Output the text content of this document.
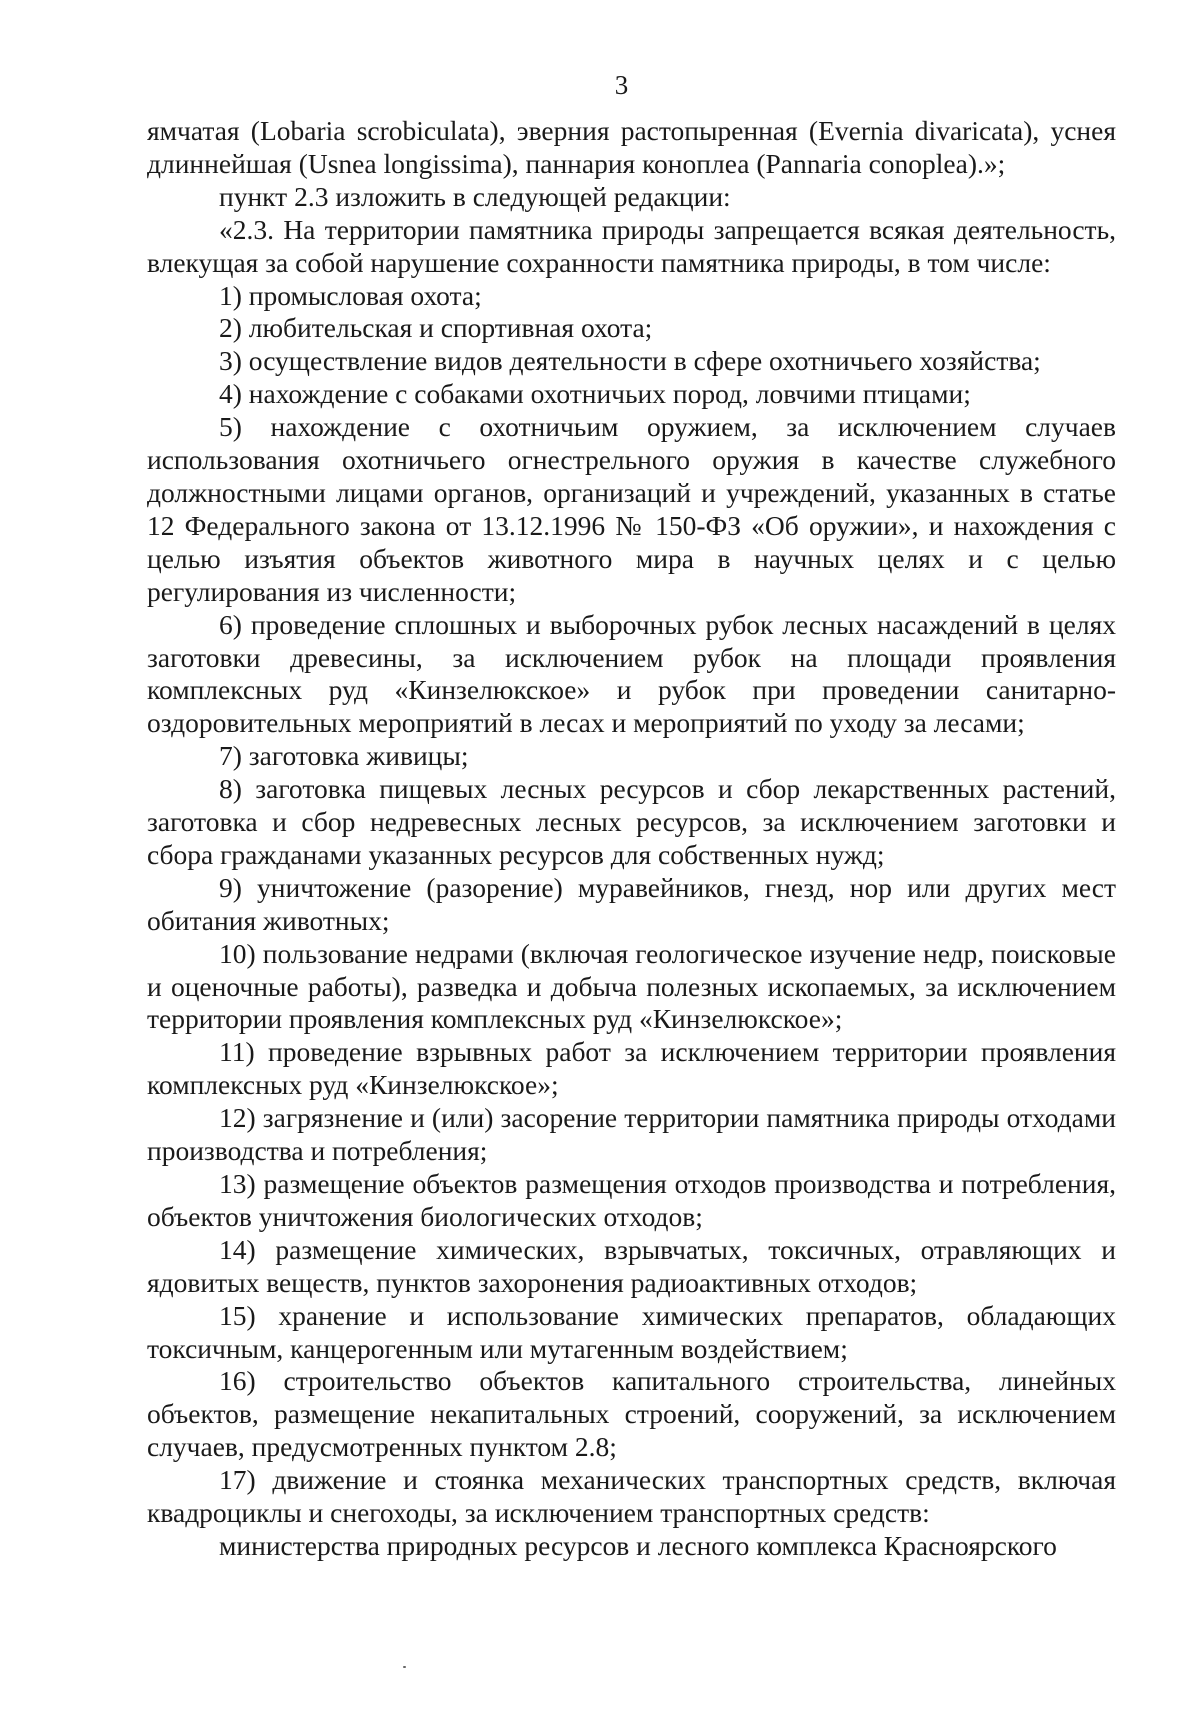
3

ямчатая (Lobaria scrobiculata), эверния растопыренная (Evernia divaricata), уснея длиннейшая (Usnea longissima), паннария коноплеа (Pannaria conoplea).»;

пункт 2.3 изложить в следующей редакции:

«2.3. На территории памятника природы запрещается всякая деятельность, влекущая за собой нарушение сохранности памятника природы, в том числе:

1) промысловая охота;

2) любительская и спортивная охота;

3) осуществление видов деятельности в сфере охотничьего хозяйства;

4) нахождение с собаками охотничьих пород, ловчими птицами;

5) нахождение с охотничьим оружием, за исключением случаев использования охотничьего огнестрельного оружия в качестве служебного должностными лицами органов, организаций и учреждений, указанных в статье 12 Федерального закона от 13.12.1996 № 150-ФЗ «Об оружии», и нахождения с целью изъятия объектов животного мира в научных целях и с целью регулирования из численности;

6) проведение сплошных и выборочных рубок лесных насаждений в целях заготовки древесины, за исключением рубок на площади проявления комплексных руд «Кинзелюкское» и рубок при проведении санитарно-оздоровительных мероприятий в лесах и мероприятий по уходу за лесами;

7) заготовка живицы;

8) заготовка пищевых лесных ресурсов и сбор лекарственных растений, заготовка и сбор недревесных лесных ресурсов, за исключением заготовки и сбора гражданами указанных ресурсов для собственных нужд;

9) уничтожение (разорение) муравейников, гнезд, нор или других мест обитания животных;

10) пользование недрами (включая геологическое изучение недр, поисковые и оценочные работы), разведка и добыча полезных ископаемых, за исключением территории проявления комплексных руд «Кинзелюкское»;

11) проведение взрывных работ за исключением территории проявления комплексных руд «Кинзелюкское»;

12) загрязнение и (или) засорение территории памятника природы отходами производства и потребления;

13) размещение объектов размещения отходов производства и потребления, объектов уничтожения биологических отходов;

14) размещение химических, взрывчатых, токсичных, отравляющих и ядовитых веществ, пунктов захоронения радиоактивных отходов;

15) хранение и использование химических препаратов, обладающих токсичным, канцерогенным или мутагенным воздействием;

16) строительство объектов капитального строительства, линейных объектов, размещение некапитальных строений, сооружений, за исключением случаев, предусмотренных пунктом 2.8;

17) движение и стоянка механических транспортных средств, включая квадроциклы и снегоходы, за исключением транспортных средств:

министерства природных ресурсов и лесного комплекса Красноярского
